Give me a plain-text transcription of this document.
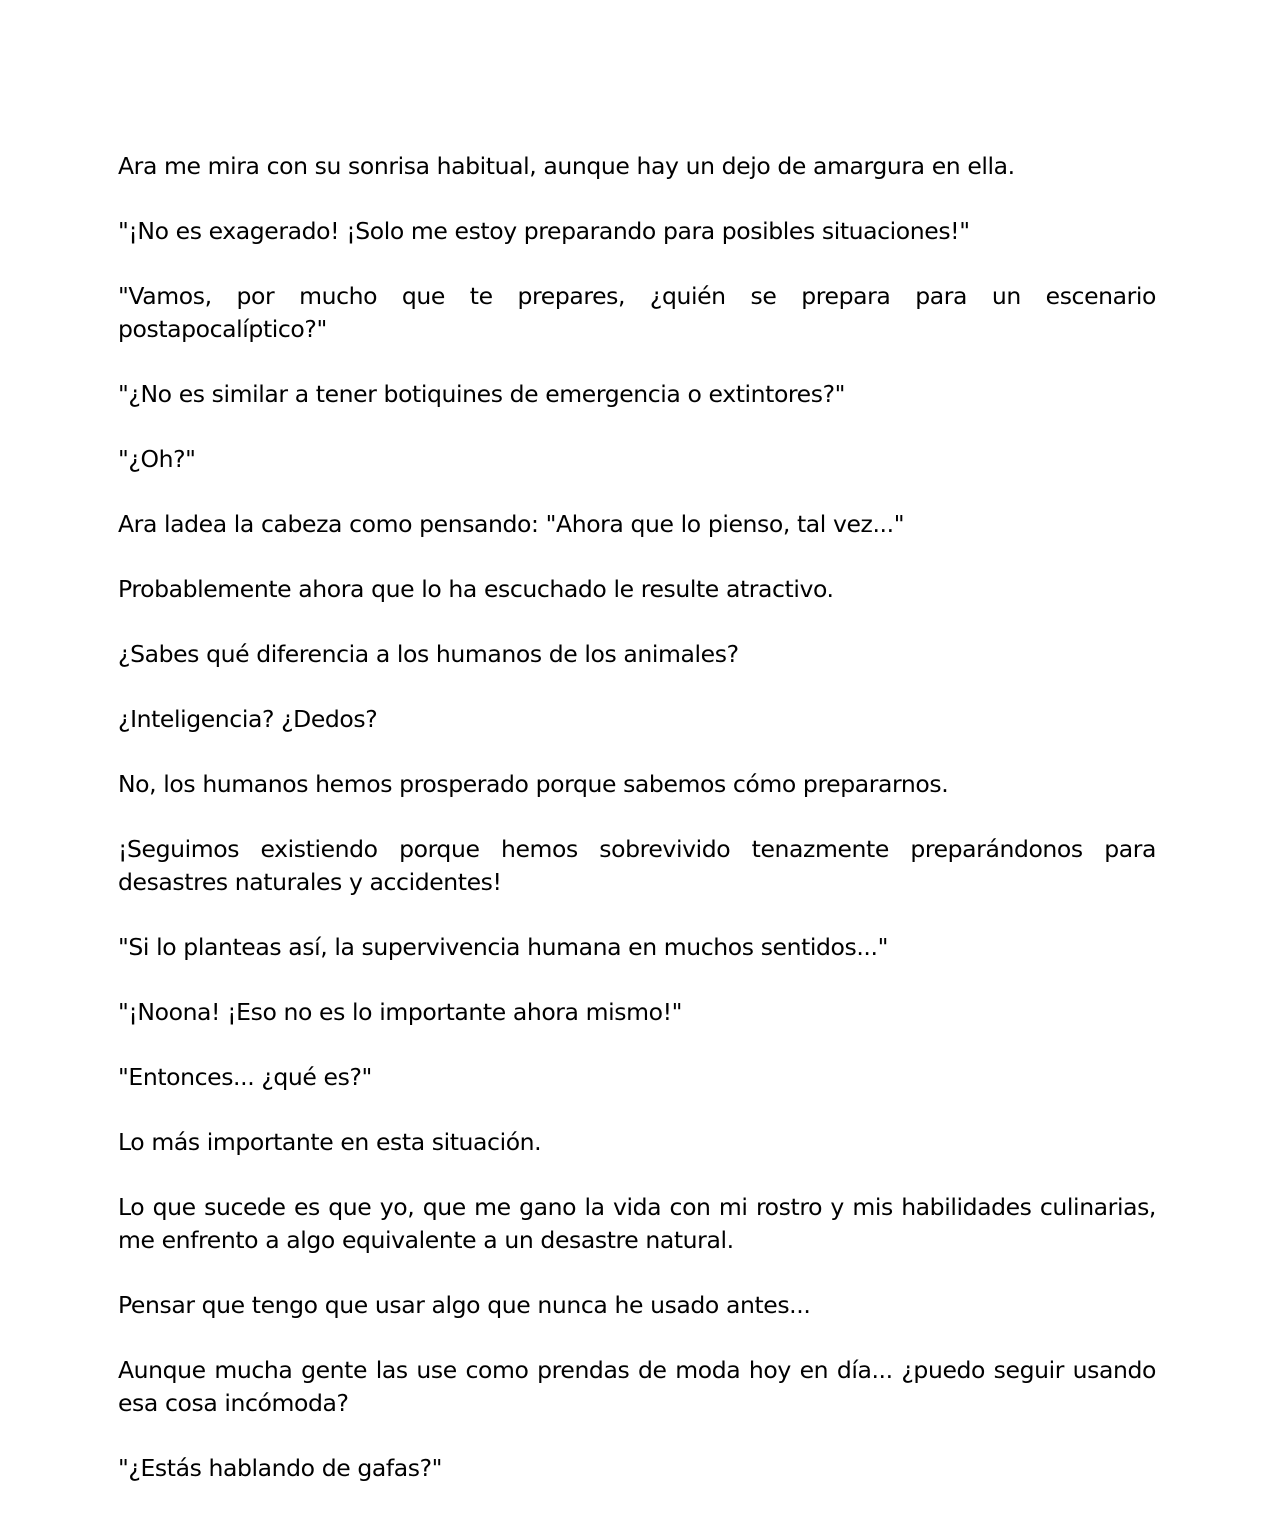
Ara me mira con su sonrisa habitual, aunque hay un dejo de amargura en ella.

"¡No es exagerado! ¡Solo me estoy preparando para posibles situaciones!"

"Vamos, por mucho que te prepares, ¿quién se prepara para un escenario postapocalíptico?"

"¿No es similar a tener botiquines de emergencia o extintores?"

"¿Oh?"

Ara ladea la cabeza como pensando: "Ahora que lo pienso, tal vez..."

Probablemente ahora que lo ha escuchado le resulte atractivo.

¿Sabes qué diferencia a los humanos de los animales?

¿Inteligencia? ¿Dedos?

No, los humanos hemos prosperado porque sabemos cómo prepararnos.

¡Seguimos existiendo porque hemos sobrevivido tenazmente preparándonos para desastres naturales y accidentes!

"Si lo planteas así, la supervivencia humana en muchos sentidos..."

"¡Noona! ¡Eso no es lo importante ahora mismo!"

"Entonces... ¿qué es?"

Lo más importante en esta situación.

Lo que sucede es que yo, que me gano la vida con mi rostro y mis habilidades culinarias, me enfrento a algo equivalente a un desastre natural.

Pensar que tengo que usar algo que nunca he usado antes...

Aunque mucha gente las use como prendas de moda hoy en día... ¿puedo seguir usando esa cosa incómoda?

"¿Estás hablando de gafas?"
